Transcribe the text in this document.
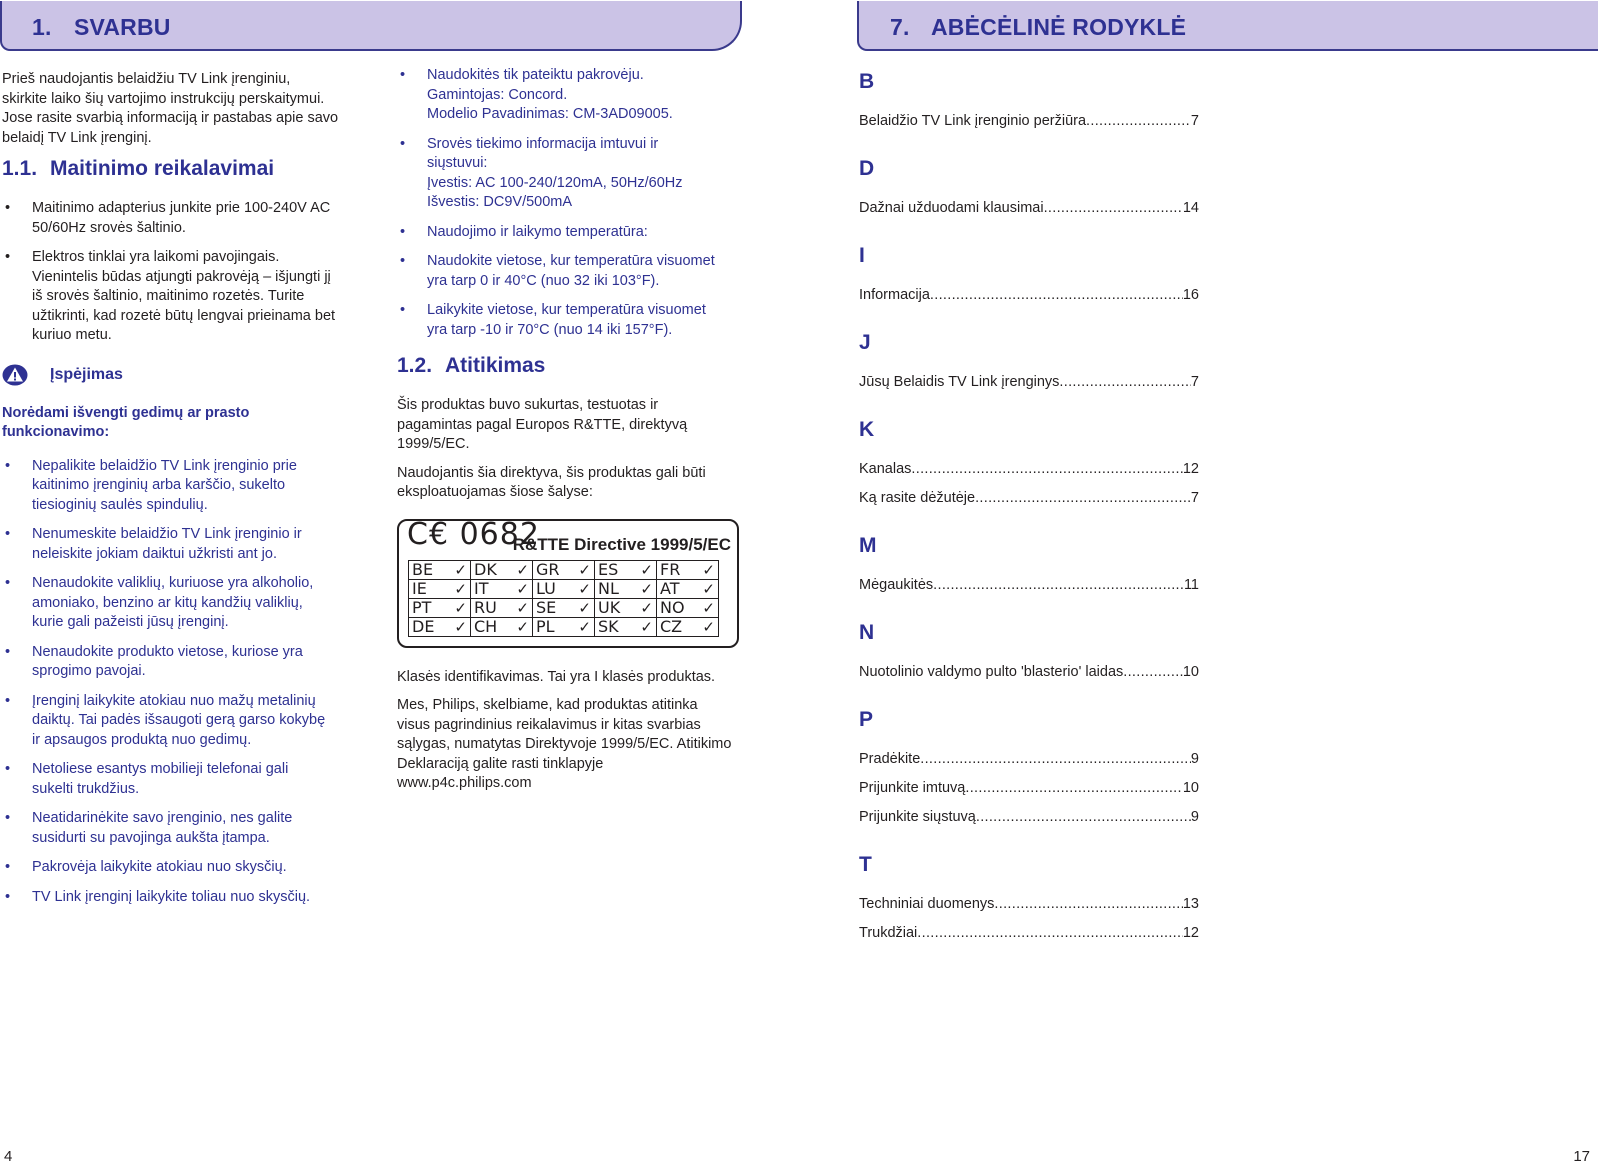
1. SVARBU	7. ABĖCĖLINĖ RODYKLĖ

Prieš naudojantis belaidžiu TV Link įrenginiu,
skirkite laiko šių vartojimo instrukcijų perskaitymui.
Jose rasite svarbią informaciją ir pastabas apie savo
belaidį TV Link įrenginį.

1.1. Maitinimo reikalavimai
• Maitinimo adapterius junkite prie 100-240V AC
50/60Hz srovės šaltinio.
• Elektros tinklai yra laikomi pavojingais.
Vienintelis būdas atjungti pakrovėją – išjungti jį
iš srovės šaltinio, maitinimo rozetės. Turite
užtikrinti, kad rozetė būtų lengvai prieinama bet
kuriuo metu.
Įspėjimas

Norėdami išvengti gedimų ar prasto
funkcionavimo:

• Nepalikite belaidžio TV Link įrenginio prie
kaitinimo įrenginių arba karščio, sukelto
tiesioginių saulės spindulių.
• Nenumeskite belaidžio TV Link įrenginio ir
neleiskite jokiam daiktui užkristi ant jo.
• Nenaudokite valiklių, kuriuose yra alkoholio,
amoniako, benzino ar kitų kandžių valiklių,
kurie gali pažeisti jūsų įrenginį.
• Nenaudokite produkto vietose, kuriose yra
sprogimo pavojai.
• Įrenginį laikykite atokiau nuo mažų metalinių
daiktų. Tai padės išsaugoti gerą garso kokybę
ir apsaugos produktą nuo gedimų.
• Netoliese esantys mobilieji telefonai gali
sukelti trukdžius.
• Neatidarinėkite savo įrenginio, nes galite
susidurti su pavojinga aukšta įtampa.
• Pakrovėja laikykite atokiau nuo skysčių.
• TV Link įrenginį laikykite toliau nuo skysčių.
• Naudokitės tik pateiktu pakrovėju.
Gamintojas: Concord.
Modelio Pavadinimas: CM-3AD09005.
• Srovės tiekimo informacija imtuvui ir
siųstuvui:
Įvestis: AC 100-240/120mA, 50Hz/60Hz
Išvestis: DC9V/500mA
• Naudojimo ir laikymo temperatūra:
• Naudokite vietose, kur temperatūra visuomet
yra tarp 0 ir 40°C (nuo 32 iki 103°F).
• Laikykite vietose, kur temperatūra visuomet
yra tarp -10 ir 70°C (nuo 14 iki 157°F).
1.2. Atitikimas

Šis produktas buvo sukurtas, testuotas ir
pagamintas pagal Europos R&TTE, direktyvą
1999/5/EC.

Naudojantis šia direktyva, šis produktas gali būti
eksploatuojamas šiose šalyse:

C€ 0682
R&TTE Directive 1999/5/EC
BE ✓	DK ✓	GR ✓	ES ✓	FR ✓

IE ✓	IT ✓	LU ✓	NL ✓	AT ✓

PT ✓	RU ✓	SE ✓	UK ✓	NO ✓

DE ✓	CH ✓	PL ✓	SK ✓	CZ ✓

Klasės identifikavimas. Tai yra I klasės produktas.

Mes, Philips, skelbiame, kad produktas atitinka
visus pagrindinius reikalavimus ir kitas svarbias
sąlygas, numatytas Direktyvoje 1999/5/EC. Atitikimo
Deklaraciją galite rasti tinklapyje
www.p4c.philips.com

B
Belaidžio TV Link įrenginio peržiūra .....	7
D
Dažnai užduodami klausimai .....	14
I
Informacija .....	16
J
Jūsų Belaidis TV Link įrenginys .....	7
K
Kanalas .....	12
Ką rasite dėžutėje .....	7
M
Mėgaukitės .....	11
N
Nuotolinio valdymo pulto 'blasterio' laidas .....	10
P
Pradėkite .....	9
Prijunkite imtuvą .....	10
Prijunkite siųstuvą .....	9
T
Techniniai duomenys .....	13
Trukdžiai .....	12
4	17
